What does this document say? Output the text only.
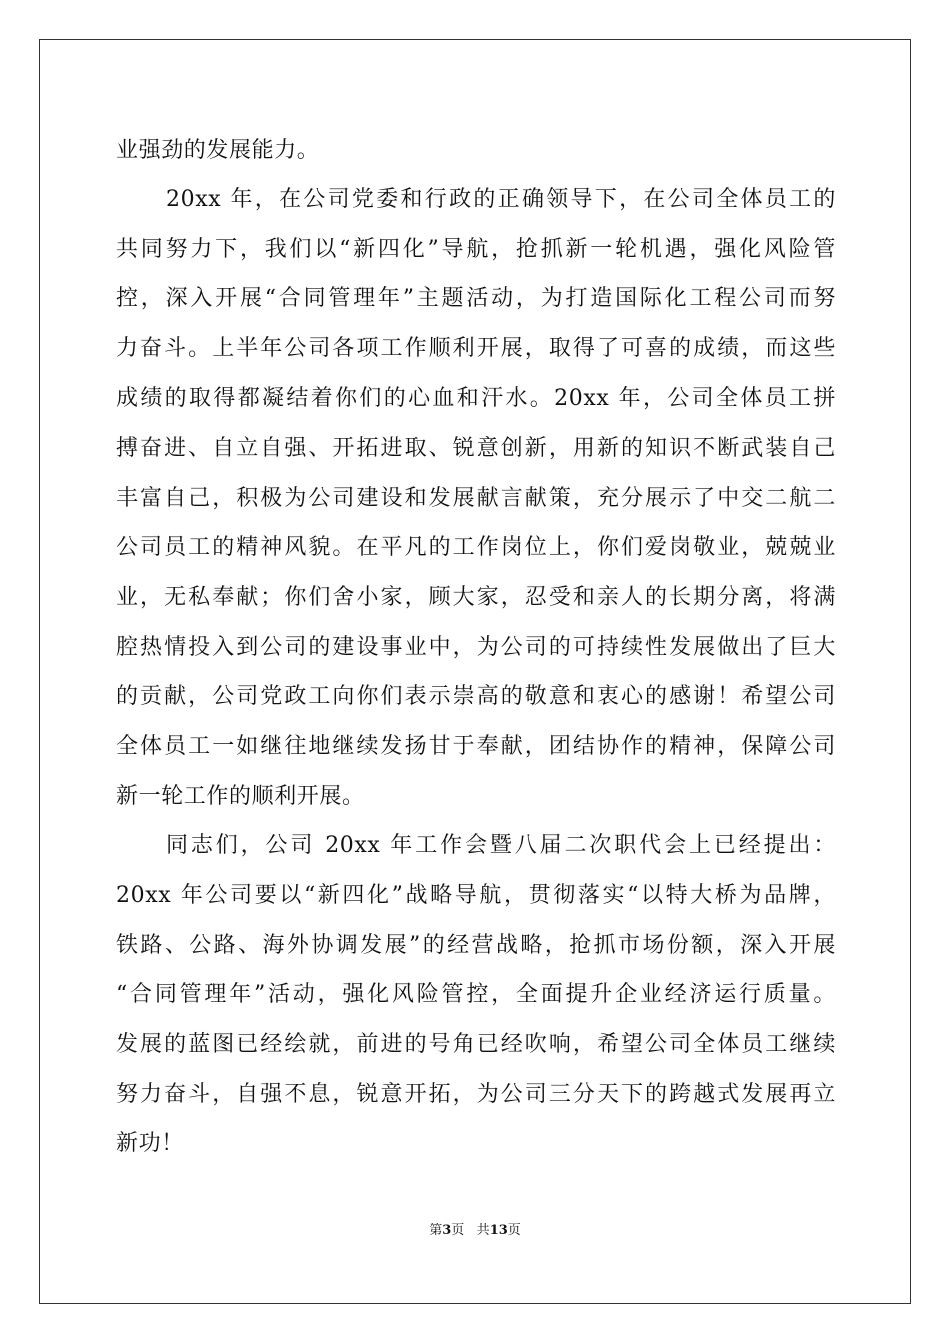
业强劲的发展能力。
20xx 年，在公司党委和行政的正确领导下，在公司全体员工的
共同努力下，我们以“新四化”导航，抢抓新一轮机遇，强化风险管
控，深入开展“合同管理年”主题活动，为打造国际化工程公司而努
力奋斗。上半年公司各项工作顺利开展，取得了可喜的成绩，而这些
成绩的取得都凝结着你们的心血和汗水。20xx 年，公司全体员工拼
搏奋进、自立自强、开拓进取、锐意创新，用新的知识不断武装自己
丰富自己，积极为公司建设和发展献言献策，充分展示了中交二航二
公司员工的精神风貌。在平凡的工作岗位上，你们爱岗敬业，兢兢业
业，无私奉献；你们舍小家，顾大家，忍受和亲人的长期分离，将满
腔热情投入到公司的建设事业中，为公司的可持续性发展做出了巨大
的贡献，公司党政工向你们表示崇高的敬意和衷心的感谢！希望公司
全体员工一如继往地继续发扬甘于奉献，团结协作的精神，保障公司
新一轮工作的顺利开展。
同志们，公司 20xx 年工作会暨八届二次职代会上已经提出：
20xx 年公司要以“新四化”战略导航，贯彻落实“以特大桥为品牌，
铁路、公路、海外协调发展”的经营战略，抢抓市场份额，深入开展
“合同管理年”活动，强化风险管控，全面提升企业经济运行质量。
发展的蓝图已经绘就，前进的号角已经吹响，希望公司全体员工继续
努力奋斗，自强不息，锐意开拓，为公司三分天下的跨越式发展再立
新功！
第3页 共13页
